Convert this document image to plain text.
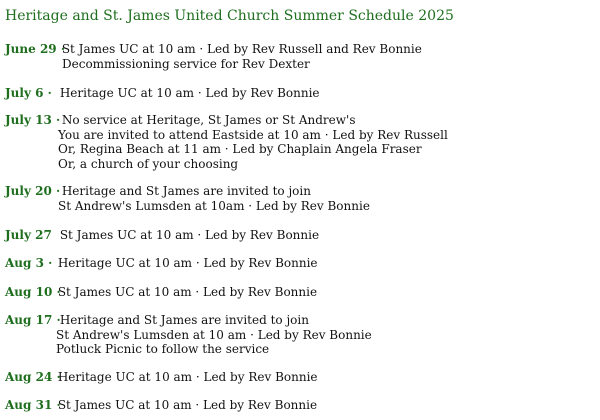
Heritage and St. James United Church Summer Schedule 2025
June 29 ·
St James UC at 10 am · Led by Rev Russell and Rev Bonnie
Decommissioning service for Rev Dexter
July 6 · Heritage UC at 10 am · Led by Rev Bonnie
July 13 ·
No service at Heritage, St James or St Andrew's
You are invited to attend Eastside at 10 am · Led by Rev Russell
Or, Regina Beach at 11 am · Led by Chaplain Angela Fraser
Or, a church of your choosing
July 20 ·
Heritage and St James are invited to join
St Andrew's Lumsden at 10am · Led by Rev Bonnie
July 27 St James UC at 10 am · Led by Rev Bonnie
Aug 3 · Heritage UC at 10 am · Led by Rev Bonnie
Aug 10 ·
St James UC at 10 am · Led by Rev Bonnie
Aug 17 ·
Heritage and St James are invited to join
St Andrew's Lumsden at 10 am · Led by Rev Bonnie
Potluck Picnic to follow the service
Aug 24 ·
Heritage UC at 10 am · Led by Rev Bonnie
Aug 31 ·
St James UC at 10 am · Led by Rev Bonnie
